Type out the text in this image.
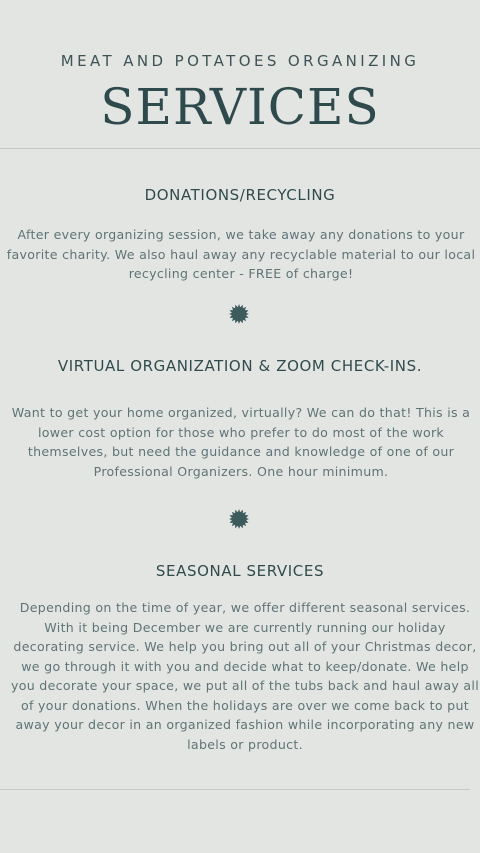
MEAT AND POTATOES ORGANIZING
SERVICES
DONATIONS/RECYCLING
After every organizing session, we take away any donations to your favorite charity. We also haul away any recyclable material to our local recycling center - FREE of charge!
VIRTUAL ORGANIZATION & ZOOM CHECK-INS.
Want to get your home organized, virtually? We can do that! This is a lower cost option for those who prefer to do most of the work themselves, but need the guidance and knowledge of one of our Professional Organizers. One hour minimum.
SEASONAL SERVICES
Depending on the time of year, we offer different seasonal services. With it being December we are currently running our holiday decorating service. We help you bring out all of your Christmas decor, we go through it with you and decide what to keep/donate. We help you decorate your space, we put all of the tubs back and haul away all of your donations. When the holidays are over we come back to put away your decor in an organized fashion while incorporating any new labels or product.
